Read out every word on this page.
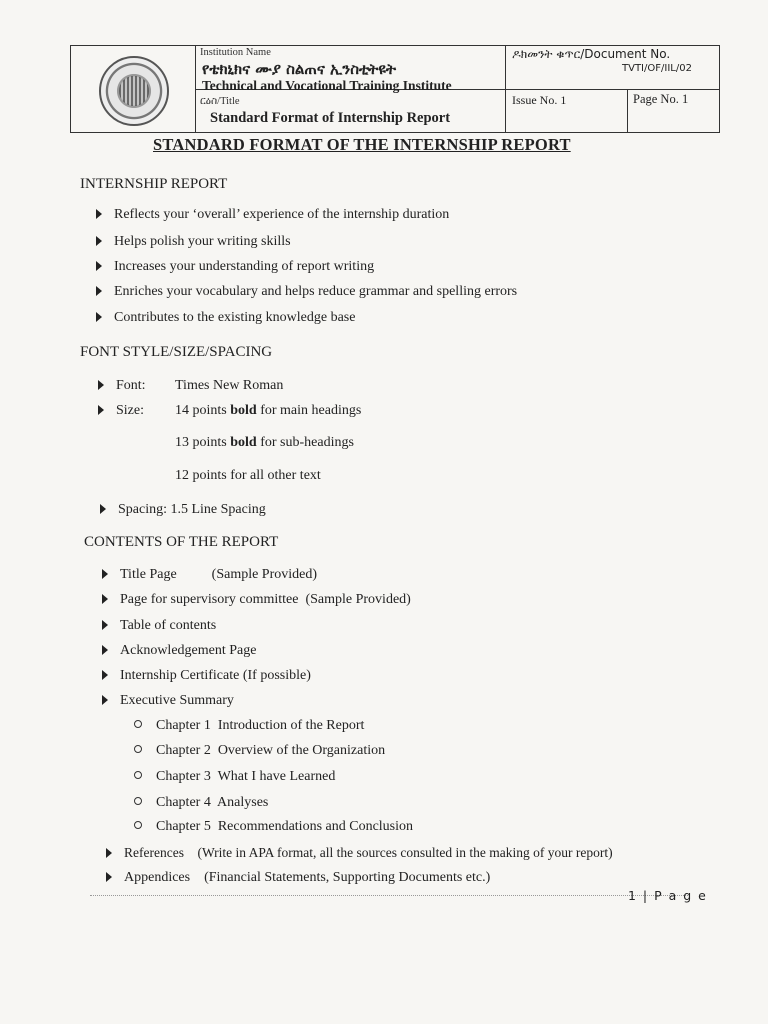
Institution Name
የቴክኒክና ሙያ ስልጠና ኢንስቲትዩት
Technical and Vocational Training Institute
ርዕስ/Title
Standard Format of Internship Report
ዶክመንት ቁጥር/Document No.
TVTI/OF/IIL/02
Issue No. 1	Page No. 1
STANDARD FORMAT OF THE INTERNSHIP REPORT
INTERNSHIP REPORT
Reflects your ‘overall’ experience of the internship duration
Helps polish your writing skills
Increases your understanding of report writing
Enriches your vocabulary and helps reduce grammar and spelling errors
Contributes to the existing knowledge base
FONT STYLE/SIZE/SPACING
Font: Times New Roman
Size: 14 points bold for main headings
13 points bold for sub-headings
12 points for all other text
Spacing: 1.5 Line Spacing
CONTENTS OF THE REPORT
Title Page          (Sample Provided)
Page for supervisory committee  (Sample Provided)
Table of contents
Acknowledgement Page
Internship Certificate (If possible)
Executive Summary
Chapter 1  Introduction of the Report
Chapter 2  Overview of the Organization
Chapter 3  What I have Learned
Chapter 4  Analyses
Chapter 5  Recommendations and Conclusion
References    (Write in APA format, all the sources consulted in the making of your report)
Appendices    (Financial Statements, Supporting Documents etc.)
1 | P a g e
